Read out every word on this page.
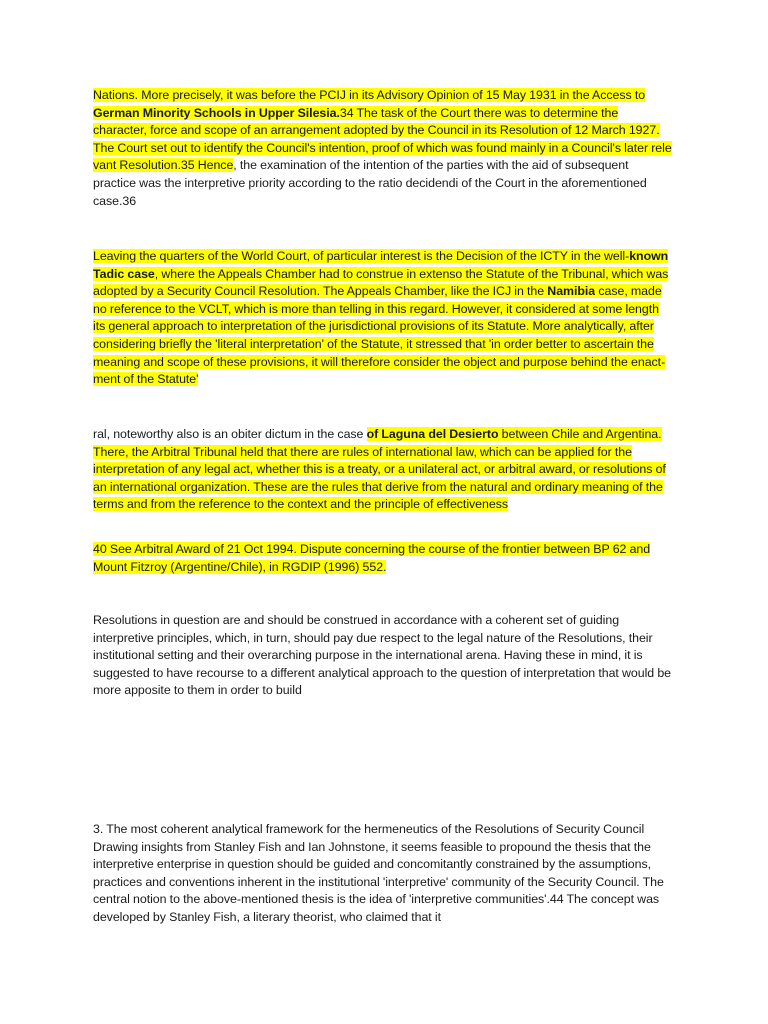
Nations. More precisely, it was before the PCIJ in its Advisory Opinion of 15 May 1931 in the Access to German Minority Schools in Upper Silesia.34 The task of the Court there was to determine the character, force and scope of an arrangement adopted by the Council in its Resolution of 12 March 1927. The Court set out to identify the Council's intention, proof of which was found mainly in a Council's later rele vant Resolution.35 Hence, the examination of the intention of the parties with the aid of subsequent practice was the interpretive priority according to the ratio decidendi of the Court in the aforementioned case.36

Leaving the quarters of the World Court, of particular interest is the Decision of the ICTY in the well-known Tadic case, where the Appeals Chamber had to construe in extenso the Statute of the Tribunal, which was adopted by a Security Council Resolution. The Appeals Chamber, like the ICJ in the Namibia case, made no reference to the VCLT, which is more than telling in this regard. However, it considered at some length its general approach to interpretation of the jurisdictional provisions of its Statute. More analytically, after considering briefly the 'literal interpretation' of the Statute, it stressed that 'in order better to ascertain the meaning and scope of these provisions, it will therefore consider the object and purpose behind the enact- ment of the Statute'

ral, noteworthy also is an obiter dictum in the case of Laguna del Desierto between Chile and Argentina. There, the Arbitral Tribunal held that there are rules of international law, which can be applied for the interpretation of any legal act, whether this is a treaty, or a unilateral act, or arbitral award, or resolutions of an international organization. These are the rules that derive from the natural and ordinary meaning of the terms and from the reference to the context and the principle of effectiveness

40 See Arbitral Award of 21 Oct 1994. Dispute concerning the course of the frontier between BP 62 and Mount Fitzroy (Argentine/Chile), in RGDIP (1996) 552.

Resolutions in question are and should be construed in accordance with a coherent set of guiding interpretive principles, which, in turn, should pay due respect to the legal nature of the Resolutions, their institutional setting and their overarching purpose in the international arena. Having these in mind, it is suggested to have recourse to a different analytical approach to the question of interpretation that would be more apposite to them in order to build

3. The most coherent analytical framework for the hermeneutics of the Resolutions of Security Council Drawing insights from Stanley Fish and Ian Johnstone, it seems feasible to propound the thesis that the interpretive enterprise in question should be guided and concomitantly constrained by the assumptions, practices and conventions inherent in the institutional 'interpretive' community of the Security Council. The central notion to the above-mentioned thesis is the idea of 'interpretive communities'.44 The concept was developed by Stanley Fish, a literary theorist, who claimed that it
